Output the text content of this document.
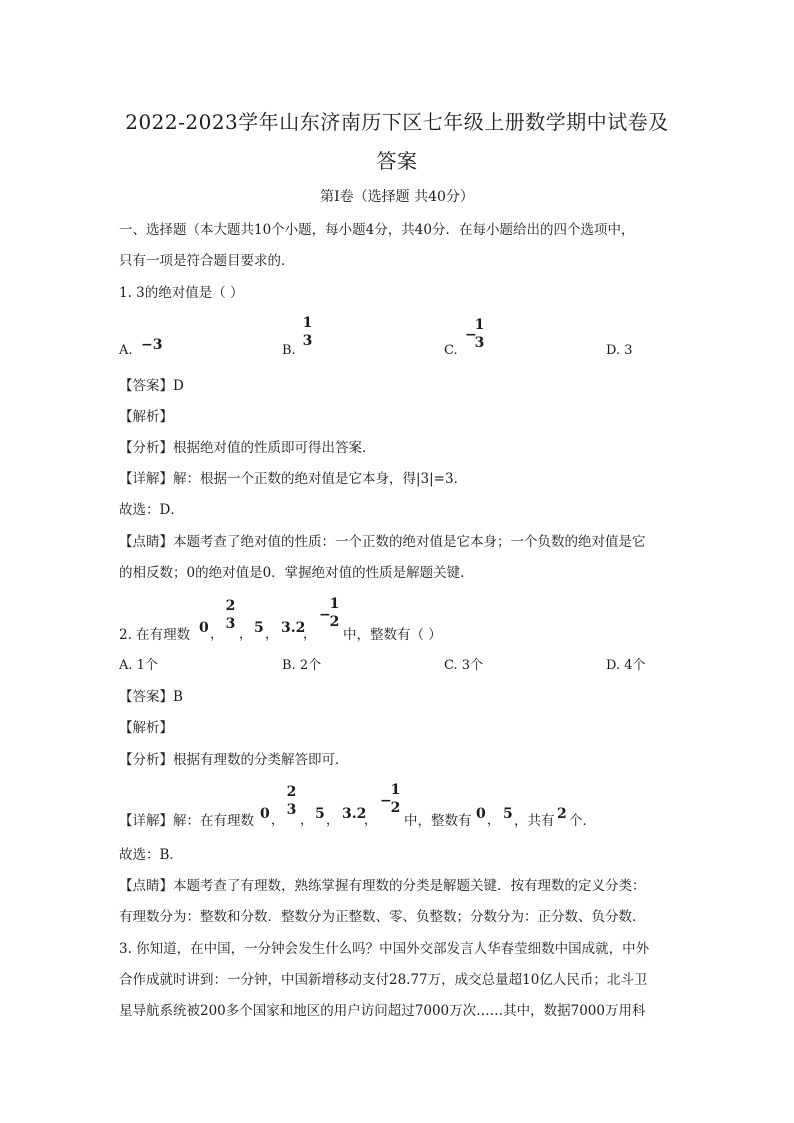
2022-2023学年山东济南历下区七年级上册数学期中试卷及
答案
第Ⅰ卷（选择题 共40分）
一、选择题（本大题共10个小题，每小题4分，共40分．在每小题给出的四个选项中，
只有一项是符合题目要求的．
1. 3的绝对值是（ ）
A. −3	B.
1
3
C.
−
1
3	D. 3
【答案】D
【解析】
【分析】根据绝对值的性质即可得出答案．
【详解】解：根据一个正数的绝对值是它本身，得|3|=3．
故选：D．
【点睛】本题考查了绝对值的性质：一个正数的绝对值是它本身；一个负数的绝对值是它
的相反数；0的绝对值是0．掌握绝对值的性质是解题关键．
2. 在有理数 0 ，
2
3
， 5 ， 3.2
，
−
1
2
中，整数有（ ）
A. 1个	B. 2个	C. 3个	D. 4个
【答案】B
【解析】
【分析】根据有理数的分类解答即可．
【详解】解：在有理数 0 ，
2
3
， 5 ， 3.2
，
−
1
2
中，整数有 0 ， 5 ，共有 2 个．
故选：B．
【点睛】本题考查了有理数，熟练掌握有理数的分类是解题关键．按有理数的定义分类：
有理数分为：整数和分数．整数分为正整数、零、负整数；分数分为：正分数、负分数．
3. 你知道，在中国，一分钟会发生什么吗？中国外交部发言人华春莹细数中国成就，中外
合作成就时讲到：一分钟，中国新增移动支付28.77万，成交总量超10亿人民币；北斗卫
星导航系统被200多个国家和地区的用户访问超过7000万次……其中，数据7000万用科
